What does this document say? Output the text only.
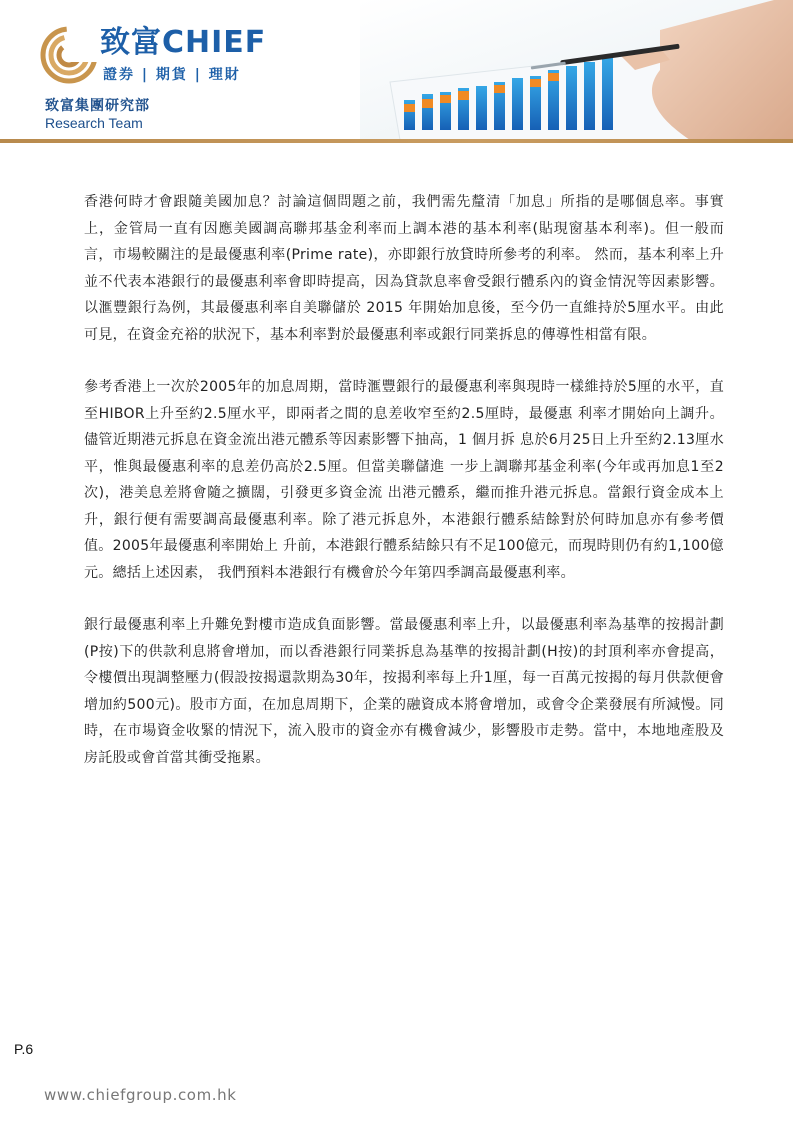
致富CHIEF
證券 | 期貨 | 理財
致富集團研究部
Research Team

香港何時才會跟隨美國加息？討論這個問題之前，我們需先釐清「加息」所指的是哪個息率。事實上，金管局一直有因應美國調高聯邦基金利率而上調本港的基本利率(貼現窗基本利率)。但一般而言，市場較關注的是最優惠利率(Prime rate)，亦即銀行放貸時所參考的利率。 然而，基本利率上升並不代表本港銀行的最優惠利率會即時提高，因為貸款息率會受銀行體系內的資金情況等因素影響。以滙豐銀行為例，其最優惠利率自美聯儲於 2015 年開始加息後，至今仍一直維持於5厘水平。由此可見，在資金充裕的狀況下，基本利率對於最優惠利率或銀行同業拆息的傳導性相當有限。

參考香港上一次於2005年的加息周期，當時滙豐銀行的最優惠利率與現時一樣維持於5厘的水平，直至HIBOR上升至約2.5厘水平，即兩者之間的息差收窄至約2.5厘時，最優惠 利率才開始向上調升。儘管近期港元拆息在資金流出港元體系等因素影響下抽高，1 個月拆 息於6月25日上升至約2.13厘水平，惟與最優惠利率的息差仍高於2.5厘。但當美聯儲進 一步上調聯邦基金利率(今年或再加息1至2次)，港美息差將會隨之擴闊，引發更多資金流 出港元體系，繼而推升港元拆息。當銀行資金成本上升，銀行便有需要調高最優惠利率。除了港元拆息外，本港銀行體系結餘對於何時加息亦有參考價值。2005年最優惠利率開始上 升前，本港銀行體系結餘只有不足100億元，而現時則仍有約1,100億元。總括上述因素， 我們預料本港銀行有機會於今年第四季調高最優惠利率。

銀行最優惠利率上升難免對樓市造成負面影響。當最優惠利率上升，以最優惠利率為基準的按揭計劃(P按)下的供款利息將會增加，而以香港銀行同業拆息為基準的按揭計劃(H按)的封頂利率亦會提高，令樓價出現調整壓力(假設按揭還款期為30年，按揭利率每上升1厘，每一百萬元按揭的每月供款便會增加約500元)。股市方面，在加息周期下，企業的融資成本將會增加，或會令企業發展有所減慢。同時，在市場資金收緊的情況下，流入股市的資金亦有機會減少，影響股市走勢。當中，本地地產股及房託股或會首當其衝受拖累。

P.6
www.chiefgroup.com.hk
